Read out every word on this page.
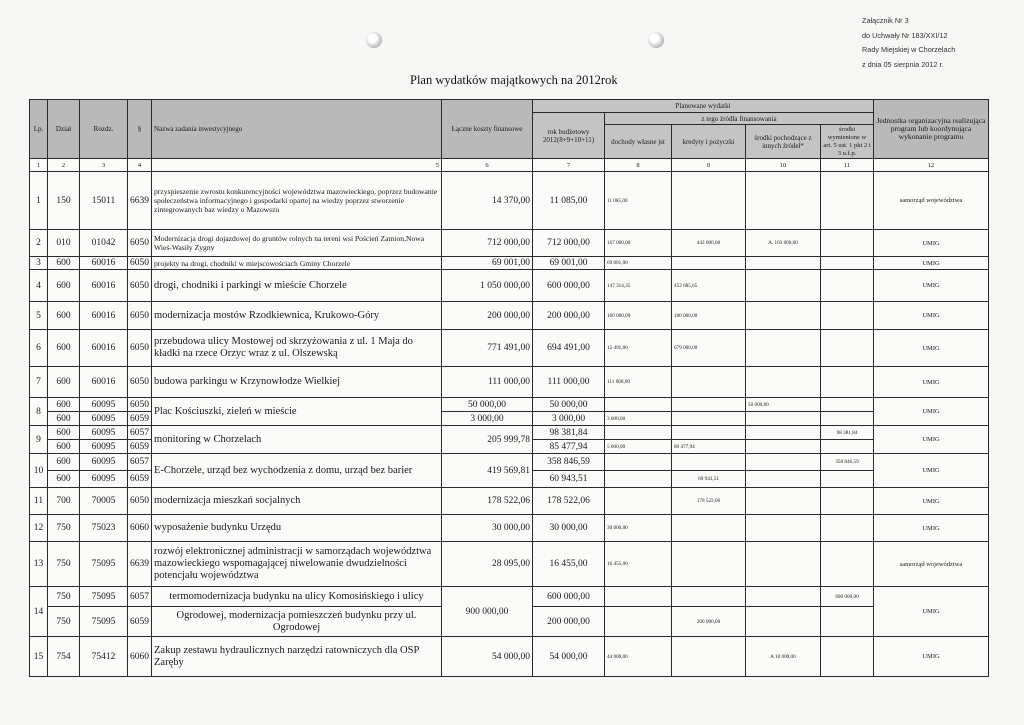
Załącznik Nr 3
do Uchwały Nr 183/XXI/12
Rady Miejskiej w Chorzelach
z dnia 05 sierpnia 2012 r.
Plan wydatków majątkowych na 2012rok
Lp.	Dział	Rozdz.	§	Nazwa zadania inwestycyjnego	Łączne koszty finansowe	Planowane wydatki					Jednostka organizacyjna realizująca program lub koordynująca wykonanie programu
						rok budżetowy 2012(8+9+10+11)	z tego źródła finansowania				
							dochody własne jst	kredyty i pożyczki	środki pochodzące z innych źródeł*	środki wymienione w art. 5 ust. 1 pkt 2 i 3 u.f.p.	
1	2	3	4	5	6	7	8	9	10	11	12
1	150	15011	6639	przyspieszenie zwrostu konkurencyjności województwa mazowieckiego, poprzez budowanie społeczeństwa informacyjnego i gospodarki opartej na wiedzy poprzez stworzenie zintegrowanych baz wiedzy o Mazowszu	14 370,00	11 085,00	11 085,00				samorząd województwa
2	010	01042	6050	Modernizacja drogi dojazdowej do gruntów rolnych na tereni wsi Poścień Zamion,Nowa Wieś-Wasiły Zygny	712 000,00	712 000,00	167 000,00	442 000,00	A. 103 000,00		UMIG
3	600	60016	6050	projekty na drogi, chodniki w miejscowościach Gminy Chorzele	69 001,00	69 001,00	69 001,00				UMIG
4	600	60016	6050	drogi, chodniki i parkingi w mieście Chorzele	1 050 000,00	600 000,00	147 314,35	452 685,65			UMIG
5	600	60016	6050	modernizacja mostów Rzodkiewnica, Krukowo-Góry	200 000,00	200 000,00	100 000,00	100 000,00			UMIG
6	600	60016	6050	przebudowa ulicy Mostowej od skrzyżowania z ul. 1 Maja do kładki na rzece Orzyc wraz z ul. Olszewską	771 491,00	694 491,00	15 491,00	679 000,00			UMIG
7	600	60016	6050	budowa parkingu w Krzynowłodze Wielkiej	111 000,00	111 000,00	111 000,00				UMIG
8	600	60095	6050	Plac Kościuszki, zieleń w mieście	50 000,00	50 000,00			50 000,00		UMIG
	600	60095	6059		3 000,00	3 000,00	3 000,00				
9	600	60095	6057	monitoring w Chorzelach	205 999,78	98 381,84				98 381,84	UMIG
	600	60095	6059			85 477,94	5 000,00	80 477,94			
10	600	60095	6057	E-Chorzele, urząd bez wychodzenia z domu, urząd bez barier	419 569,81	358 846,59				358 846,59	UMIG
	600	60095	6059			60 943,51		60 943,51			
11	700	70005	6050	modernizacja mieszkań socjalnych	178 522,06	178 522,06		178 522,06			UMIG
12	750	75023	6060	wyposażenie budynku Urzędu	30 000,00	30 000,00	30 000,00				UMIG
13	750	75095	6639	rozwój elektronicznej administracji w samorządach województwa mazowieckiego wspomagającej niwelowanie dwudzielności potencjału województwa	28 095,00	16 455,00	16 455,00				samorząd województwa
14	750	75095	6057	termomodernizacja budynku na ulicy Komosińskiego i ulicy	900 000,00	600 000,00				600 000,00	UMIG
	750	75095	6059	Ogrodowej, modernizacja pomieszczeń budynku przy ul. Ogrodowej		200 000,00		200 000,00			
15	754	75412	6060	Zakup zestawu hydraulicznych narzędzi ratowniczych dla OSP Zaręby	54 000,00	54 000,00	44 000,00		A 10 000,00		UMIG
